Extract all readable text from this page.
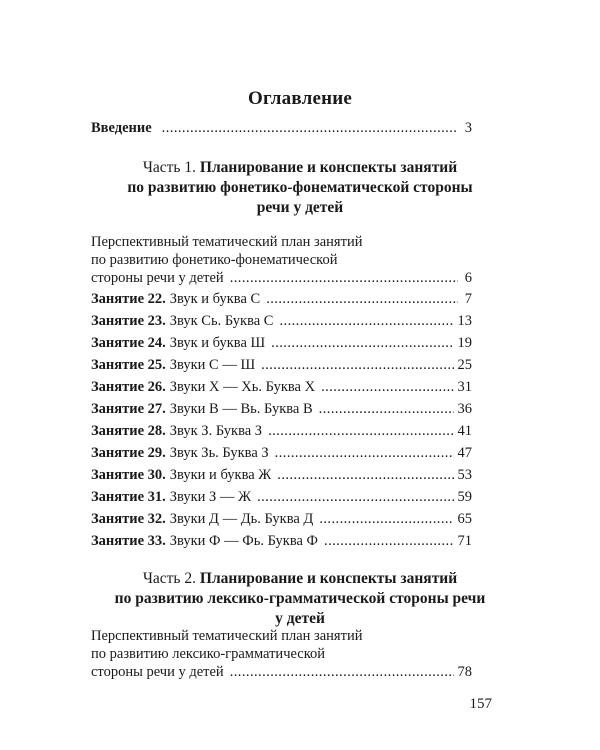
Оглавление
Введение . . .	3
Часть 1. Планирование и конспекты занятий
по развитию фонетико-фонематической стороны
речи у детей
Перспективный тематический план занятий
по развитию фонетико-фонематической
стороны речи у детей . . .	6
Занятие 22. Звук и буква С . . .	7
Занятие 23. Звук Сь. Буква С . . .	13
Занятие 24. Звук и буква Ш . . .	19
Занятие 25. Звуки С — Ш . . .	25
Занятие 26. Звуки Х — Хь. Буква Х . . .	31
Занятие 27. Звуки В — Вь. Буква В . . .	36
Занятие 28. Звук З. Буква З . . .	41
Занятие 29. Звук Зь. Буква З . . .	47
Занятие 30. Звуки и буква Ж . . .	53
Занятие 31. Звуки З — Ж . . .	59
Занятие 32. Звуки Д — Дь. Буква Д . . .	65
Занятие 33. Звуки Ф — Фь. Буква Ф . . .	71
Часть 2. Планирование и конспекты занятий
по развитию лексико-грамматической стороны речи
у детей
Перспективный тематический план занятий
по развитию лексико-грамматической
стороны речи у детей . . .	78
157
